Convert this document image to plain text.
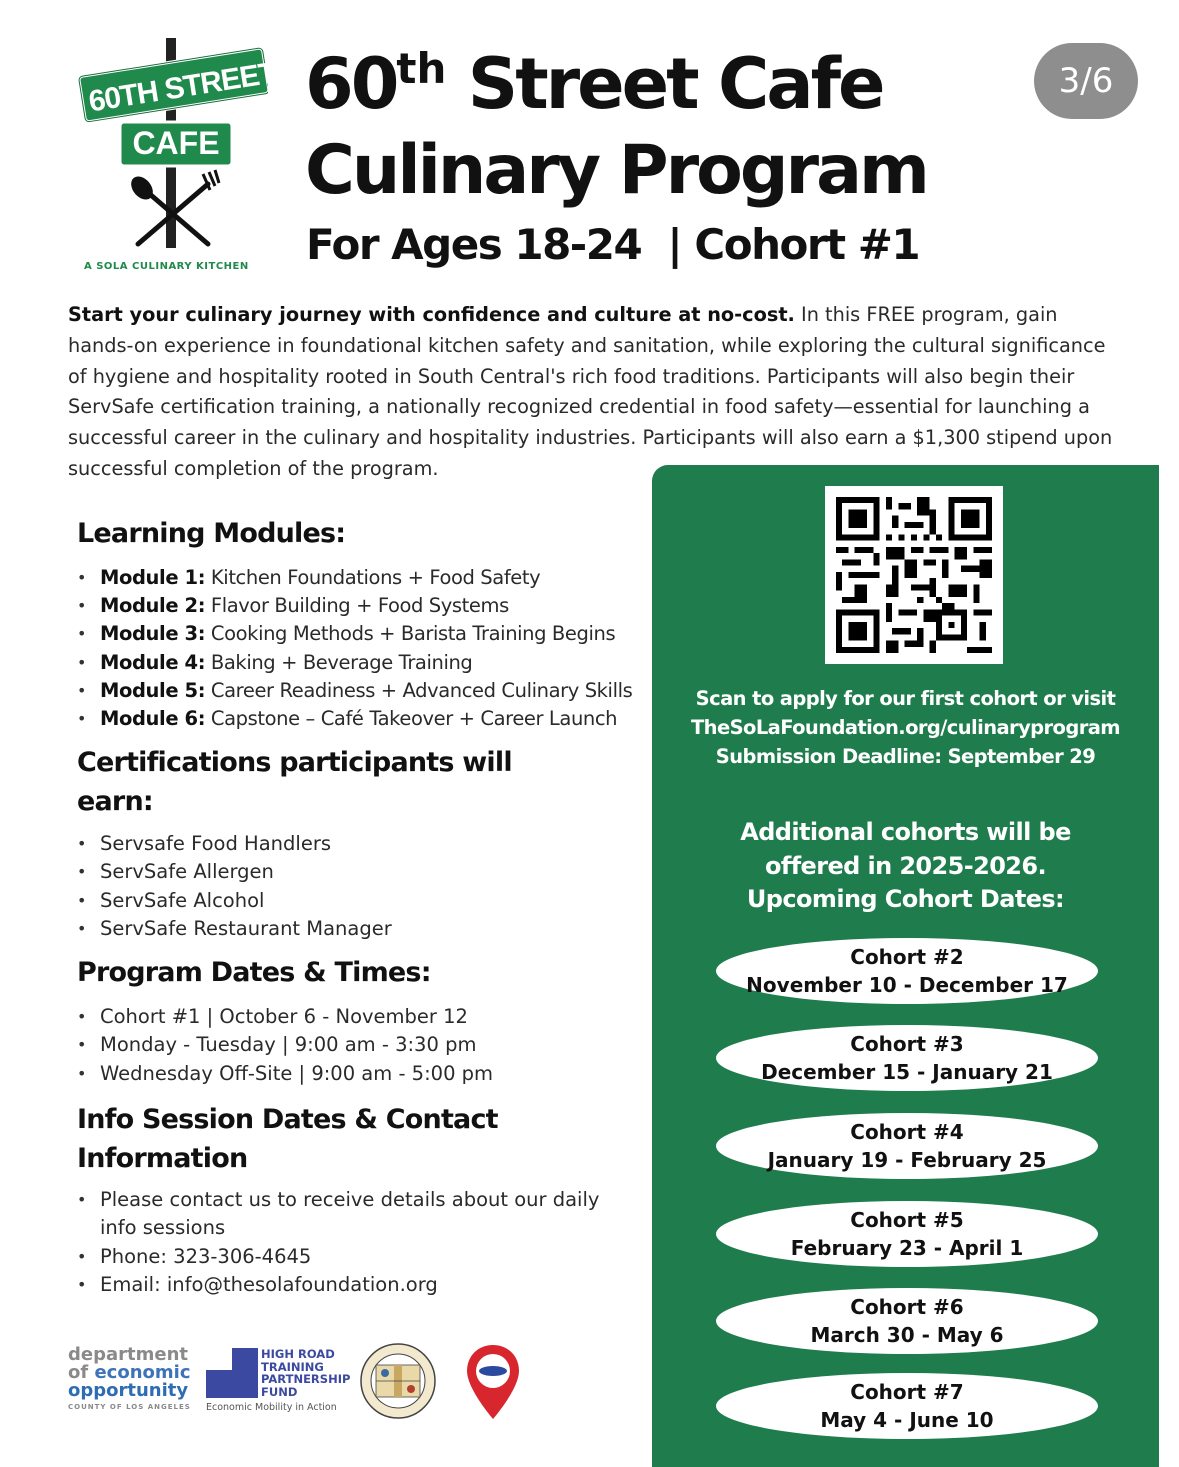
3/6
60TH STREET
CAFE
A SOLA CULINARY KITCHEN
60th Street Cafe
Culinary Program
For Ages 18-24  | Cohort #1

Start your culinary journey with confidence and culture at no-cost. In this FREE program, gain hands-on experience in foundational kitchen safety and sanitation, while exploring the cultural significance of hygiene and hospitality rooted in South Central's rich food traditions. Participants will also begin their ServSafe certification training, a nationally recognized credential in food safety—essential for launching a successful career in the culinary and hospitality industries. Participants will also earn a $1,300 stipend upon successful completion of the program.

Learning Modules:
• Module 1: Kitchen Foundations + Food Safety
• Module 2: Flavor Building + Food Systems
• Module 3: Cooking Methods + Barista Training Begins
• Module 4: Baking + Beverage Training
• Module 5: Career Readiness + Advanced Culinary Skills
• Module 6: Capstone – Café Takeover + Career Launch
Certifications participants will
earn:
• Servsafe Food Handlers
• ServSafe Allergen
• ServSafe Alcohol
• ServSafe Restaurant Manager
Program Dates & Times:
• Cohort #1 | October 6 - November 12
• Monday - Tuesday | 9:00 am - 3:30 pm
• Wednesday Off-Site | 9:00 am - 5:00 pm
Info Session Dates & Contact
Information
• Please contact us to receive details about our daily info sessions
• Phone: 323-306-4645
• Email: info@thesolafoundation.org
Scan to apply for our first cohort or visit
TheSoLaFoundation.org/culinaryprogram
Submission Deadline: September 29
Additional cohorts will be
offered in 2025-2026.
Upcoming Cohort Dates:
Cohort #2
November 10 - December 17
Cohort #3
December 15 - January 21
Cohort #4
January 19 - February 25
Cohort #5
February 23 - April 1
Cohort #6
March 30 - May 6
Cohort #7
May 4 - June 10
department
of economic
opportunity
COUNTY OF LOS ANGELES
HIGH ROAD
TRAINING
PARTNERSHIP
FUND
Economic Mobility in Action
